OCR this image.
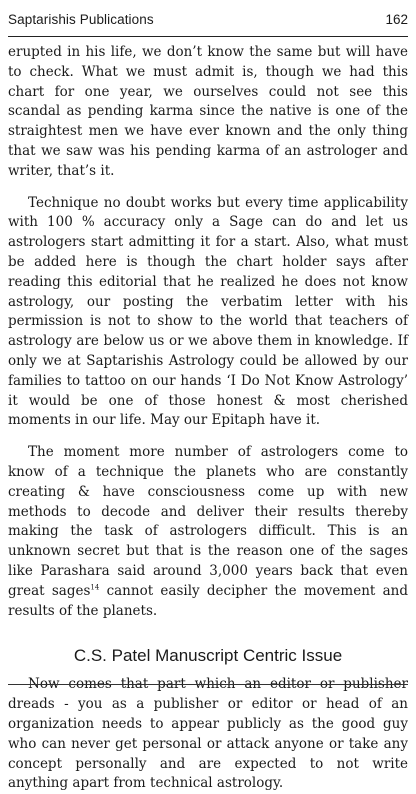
Saptarishis Publications	162

erupted in his life, we don’t know the same but will have to check. What we must admit is, though we had this chart for one year, we ourselves could not see this scandal as pending karma since the native is one of the straightest men we have ever known and the only thing that we saw was his pending karma of an astrologer and writer, that’s it.

Technique no doubt works but every time applicability with 100 % accuracy only a Sage can do and let us astrologers start admitting it for a start. Also, what must be added here is though the chart holder says after reading this editorial that he realized he does not know astrology, our posting the verbatim letter with his permission is not to show to the world that teachers of astrology are below us or we above them in knowledge. If only we at Saptarishis Astrology could be allowed by our families to tattoo on our hands ‘I Do Not Know Astrology’ it would be one of those honest & most cherished moments in our life. May our Epitaph have it.

The moment more number of astrologers come to know of a technique the planets who are constantly creating & have consciousness come up with new methods to decode and deliver their results thereby making the task of astrologers difficult. This is an unknown secret but that is the reason one of the sages like Parashara said around 3,000 years back that even great sages$^{14}$ cannot easily decipher the movement and results of the planets.

C.S. Patel Manuscript Centric Issue

Now comes that part which an editor or publisher dreads - you as a publisher or editor or head of an organization needs to appear publicly as the good guy who can never get personal or attack anyone or take any concept personally and are expected to not write anything apart from technical astrology.
